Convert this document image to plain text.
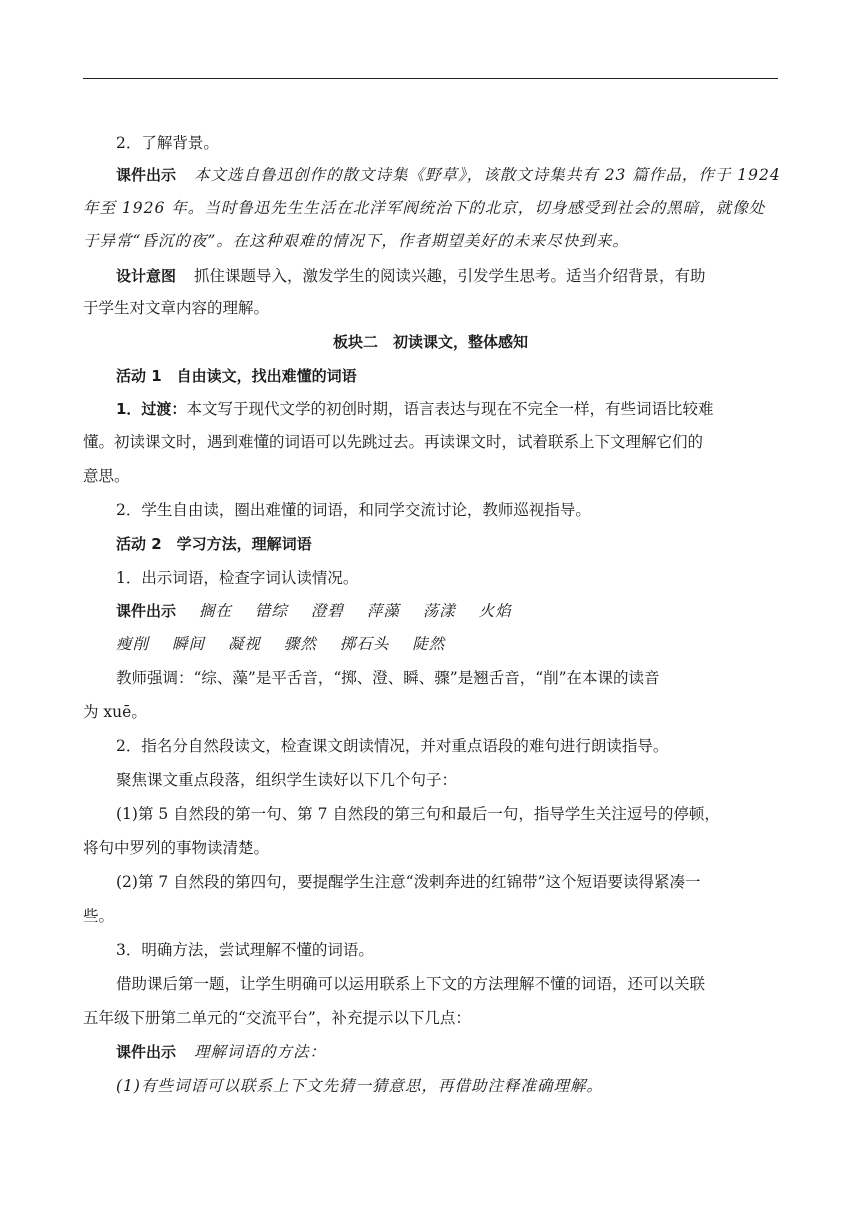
2．了解背景。
课件出示 本文选自鲁迅创作的散文诗集《野草》，该散文诗集共有 23 篇作品，作于 1924
年至 1926 年。当时鲁迅先生生活在北洋军阀统治下的北京，切身感受到社会的黑暗，就像处
于异常“昏沉的夜”。在这种艰难的情况下，作者期望美好的未来尽快到来。
设计意图 抓住课题导入，激发学生的阅读兴趣，引发学生思考。适当介绍背景，有助
于学生对文章内容的理解。
板块二　初读课文，整体感知
活动 1　自由读文，找出难懂的词语
1．过渡：本文写于现代文学的初创时期，语言表达与现在不完全一样，有些词语比较难
懂。初读课文时，遇到难懂的词语可以先跳过去。再读课文时，试着联系上下文理解它们的
意思。
2．学生自由读，圈出难懂的词语，和同学交流讨论，教师巡视指导。
活动 2　学习方法，理解词语
1．出示词语，检查字词认读情况。
课件出示 搁在 错综 澄碧 萍藻 荡漾 火焰
瘦削 瞬间 凝视 骤然 掷石头 陡然
教师强调：“综、藻”是平舌音，“掷、澄、瞬、骤”是翘舌音，“削”在本课的读音
为 xuē。
2．指名分自然段读文，检查课文朗读情况，并对重点语段的难句进行朗读指导。
聚焦课文重点段落，组织学生读好以下几个句子：
(1)第 5 自然段的第一句、第 7 自然段的第三句和最后一句，指导学生关注逗号的停顿，
将句中罗列的事物读清楚。
(2)第 7 自然段的第四句，要提醒学生注意“泼剌奔进的红锦带”这个短语要读得紧凑一
些。
3．明确方法，尝试理解不懂的词语。
借助课后第一题，让学生明确可以运用联系上下文的方法理解不懂的词语，还可以关联
五年级下册第二单元的“交流平台”，补充提示以下几点：
课件出示 理解词语的方法：
(1)有些词语可以联系上下文先猜一猜意思，再借助注释准确理解。
